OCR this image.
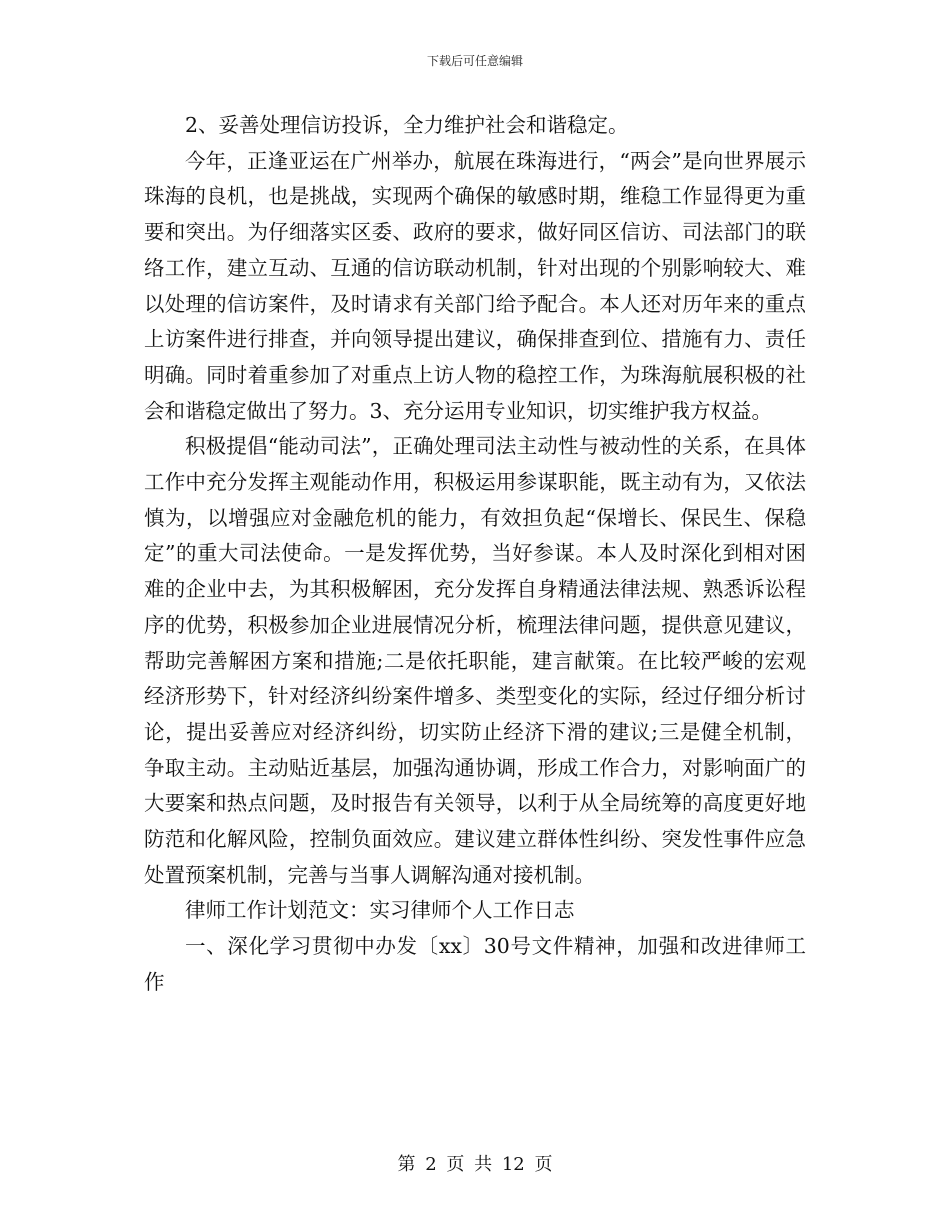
下载后可任意编辑

2、妥善处理信访投诉，全力维护社会和谐稳定。

今年，正逢亚运在广州举办，航展在珠海进行，“两会”是向世界展示珠海的良机，也是挑战，实现两个确保的敏感时期，维稳工作显得更为重要和突出。为仔细落实区委、政府的要求，做好同区信访、司法部门的联络工作，建立互动、互通的信访联动机制，针对出现的个别影响较大、难以处理的信访案件，及时请求有关部门给予配合。本人还对历年来的重点上访案件进行排查，并向领导提出建议，确保排查到位、措施有力、责任明确。同时着重参加了对重点上访人物的稳控工作，为珠海航展积极的社会和谐稳定做出了努力。3、充分运用专业知识，切实维护我方权益。

积极提倡“能动司法”，正确处理司法主动性与被动性的关系，在具体工作中充分发挥主观能动作用，积极运用参谋职能，既主动有为，又依法慎为，以增强应对金融危机的能力，有效担负起“保增长、保民生、保稳定”的重大司法使命。一是发挥优势，当好参谋。本人及时深化到相对困难的企业中去，为其积极解困，充分发挥自身精通法律法规、熟悉诉讼程序的优势，积极参加企业进展情况分析，梳理法律问题，提供意见建议，帮助完善解困方案和措施;二是依托职能，建言献策。在比较严峻的宏观经济形势下，针对经济纠纷案件增多、类型变化的实际，经过仔细分析讨论，提出妥善应对经济纠纷，切实防止经济下滑的建议;三是健全机制，争取主动。主动贴近基层，加强沟通协调，形成工作合力，对影响面广的大要案和热点问题，及时报告有关领导，以利于从全局统筹的高度更好地防范和化解风险，控制负面效应。建议建立群体性纠纷、突发性事件应急处置预案机制，完善与当事人调解沟通对接机制。

律师工作计划范文：实习律师个人工作日志

一、深化学习贯彻中办发〔xx〕30号文件精神，加强和改进律师工作

第 2 页 共 12 页
